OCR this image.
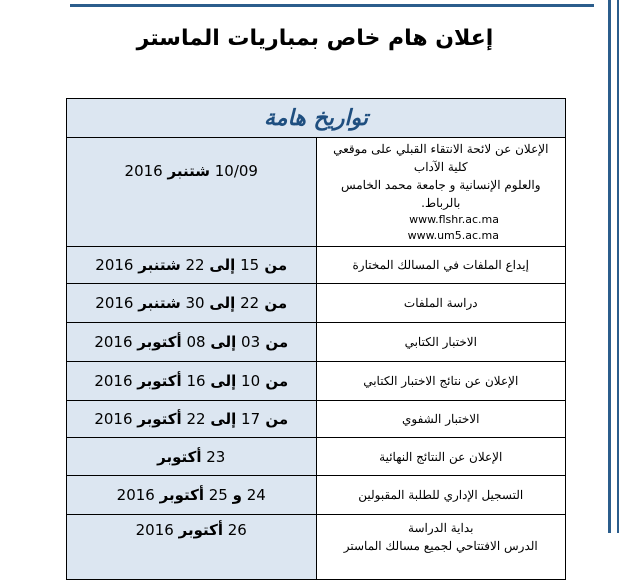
إعلان هام خاص بمباريات الماستر
تواريخ هامة	

الإعلان عن لائحة الانتقاء القبلي على موقعي كلية الآداب
والعلوم الإنسانية و جامعة محمد الخامس بالرباط.
www.flshr.ac.ma
www.um5.ac.ma	10/09 شتنبر 2016

إيداع الملفات في المسالك المختارة	من 15 إلى 22 شتنبر 2016

دراسة الملفات	من 22 إلى 30 شتنبر 2016

الاختبار الكتابي	من 03 إلى 08 أكتوبر 2016

الإعلان عن نتائج الاختبار الكتابي	من 10 إلى 16 أكتوبر 2016

الاختبار الشفوي	من 17 إلى 22 أكتوبر 2016

الإعلان عن النتائج النهائية	23 أكتوبر

التسجيل الإداري للطلبة المقبولين	24 و 25 أكتوبر 2016

بداية الدراسة
الدرس الافتتاحي لجميع مسالك الماستر	26 أكتوبر 2016
